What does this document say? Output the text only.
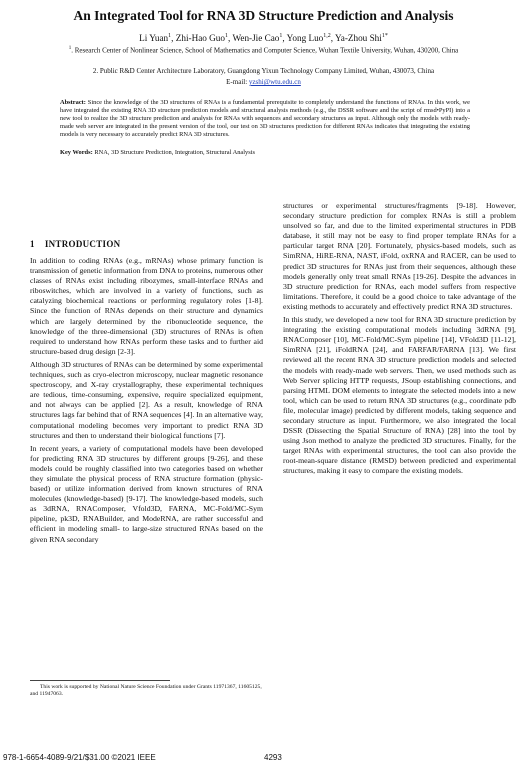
An Integrated Tool for RNA 3D Structure Prediction and Analysis
Li Yuan$^1$, Zhi-Hao Guo$^1$, Wen-Jie Cao$^1$, Yong Luo$^{1,2}$, Ya-Zhou Shi$^{1*}$
$^1$. Research Center of Nonlinear Science, School of Mathematics and Computer Science, Wuhan Textile University, Wuhan, 430200, China
2. Public R&D Center Architecture Laboratory, Guangdong Yixun Technology Company Limited, Wuhan, 430073, China
E-mail: yzshi@wtu.edu.cn
Abstract: Since the knowledge of the 3D structures of RNAs is a fundamental prerequisite to completely understand the functions of RNAs. In this work, we have integrated the existing RNA 3D structure prediction models and structural analysis methods (e.g., the DSSR software and the script of rmsd•PyPI) into a new tool to realize the 3D structure prediction and analysis for RNAs with sequences and secondary structures as input. Although only the models with ready-made web server are integrated in the present version of the tool, our test on 3D structures prediction for different RNAs indicates that integrating the existing models is very necessary to accurately predict RNA 3D structures.
Key Words: RNA, 3D Structure Prediction, Integration, Structural Analysis
1 INTRODUCTION

In addition to coding RNAs (e.g., mRNAs) whose primary function is transmission of genetic information from DNA to proteins, numerous other classes of RNAs exist including ribozymes, small-interface RNAs and riboswitches, which are involved in a variety of functions, such as catalyzing biochemical reactions or performing regulatory roles [1-8]. Since the function of RNAs depends on their structure and dynamics which are largely determined by the ribonucleotide sequence, the knowledge of the three-dimensional (3D) structures of RNAs is often required to understand how RNAs perform these tasks and to further aid structure-based drug design [2-3].

Although 3D structures of RNAs can be determined by some experimental techniques, such as cryo-electron microscopy, nuclear magnetic resonance spectroscopy, and X-ray crystallography, these experimental techniques are tedious, time-consuming, expensive, require specialized equipment, and not always can be applied [2]. As a result, knowledge of RNA structures lags far behind that of RNA sequences [4]. In an alternative way, computational modeling becomes very important to predict RNA 3D structures and then to understand their biological functions [7].

In recent years, a variety of computational models have been developed for predicting RNA 3D structures by different groups [9-26], and these models could be roughly classified into two categories based on whether they simulate the physical process of RNA structure formation (physic-based) or utilize information derived from known structures of RNA molecules (knowledge-based) [9-17]. The knowledge-based models, such as 3dRNA, RNAComposer, Vfold3D, FARNA, MC-Fold/MC-Sym pipeline, pk3D, RNABuilder, and ModeRNA, are rather successful and efficient in modeling small- to large-size structured RNAs based on the given RNA secondary

structures or experimental structures/fragments [9-18]. However, secondary structure prediction for complex RNAs is still a problem unsolved so far, and due to the limited experimental structures in PDB database, it still may not be easy to find proper template RNAs for a particular target RNA [20]. Fortunately, physics-based models, such as SimRNA, HiRE-RNA, NAST, iFold, oxRNA and RACER, can be used to predict 3D structures for RNAs just from their sequences, although these models generally only treat small RNAs [19-26]. Despite the advances in 3D structure prediction for RNAs, each model suffers from respective limitations. Therefore, it could be a good choice to take advantage of the existing methods to accurately and effectively predict RNA 3D structures.

In this study, we developed a new tool for RNA 3D structure prediction by integrating the existing computational models including 3dRNA [9], RNAComposer [10], MC-Fold/MC-Sym pipeline [14], VFold3D [11-12], SimRNA [21], iFoldRNA [24], and FARFAR/FARNA [13]. We first reviewed all the recent RNA 3D structure prediction models and selected the models with ready-made web servers. Then, we used methods such as Web Server splicing HTTP requests, JSoup establishing connections, and parsing HTML DOM elements to integrate the selected models into a new tool, which can be used to return RNA 3D structures (e.g., coordinate pdb file, molecular image) predicted by different models, taking sequence and secondary structure as input. Furthermore, we also integrated the local DSSR (Dissecting the Spatial Structure of RNA) [28] into the tool by using Json method to analyze the predicted 3D structures. Finally, for the target RNAs with experimental structures, the tool can also provide the root-mean-square distance (RMSD) between predicted and experimental structures, making it easy to compare the existing models.

This work is supported by National Nature Science Foundation under Grants 11971367, 11605125, and 11947063.
978-1-6654-4089-9/21/$31.00 ©2021 IEEE	4293
